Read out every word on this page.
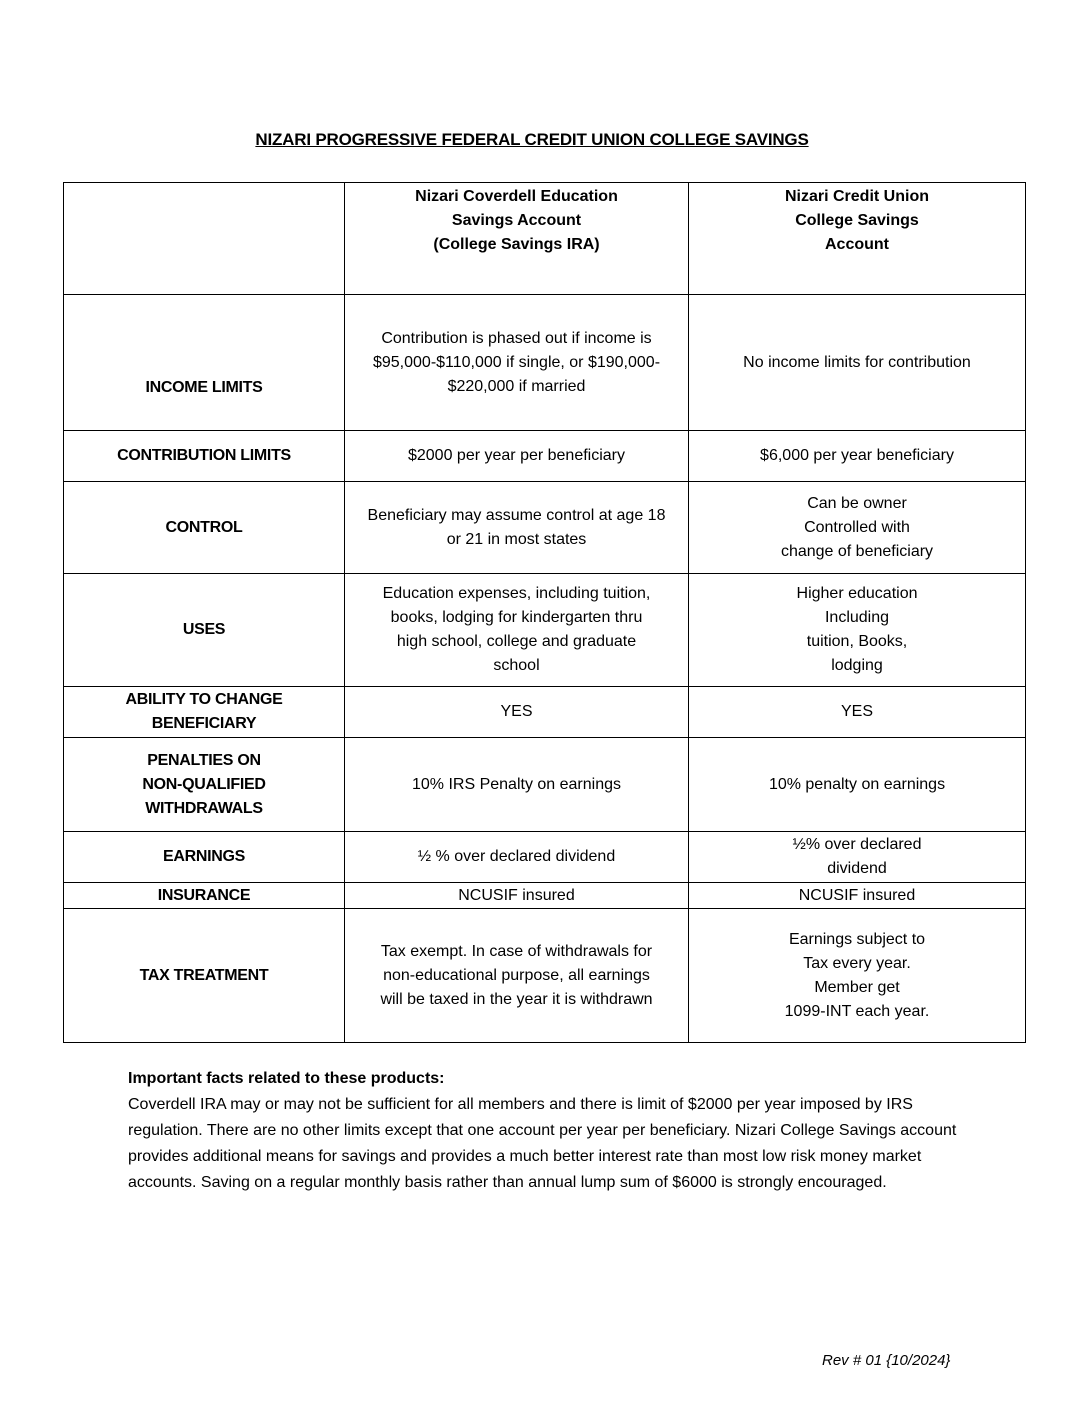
NIZARI PROGRESSIVE FEDERAL CREDIT UNION COLLEGE SAVINGS
	Nizari Coverdell Education
Savings Account
(College Savings IRA)	Nizari Credit Union
College Savings
Account
INCOME LIMITS	Contribution is phased out if income is
$95,000-$110,000 if single, or $190,000-
$220,000 if married	No income limits for contribution
CONTRIBUTION LIMITS	$2000 per year per beneficiary	$6,000 per year beneficiary
CONTROL	Beneficiary may assume control at age 18
or 21 in most states	Can be owner
Controlled with
change of beneficiary
USES	Education expenses, including tuition,
books, lodging for kindergarten thru
high school, college and graduate
school	Higher education
Including
tuition, Books,
lodging
ABILITY TO CHANGE
BENEFICIARY	YES	YES
PENALTIES ON
NON-QUALIFIED
WITHDRAWALS	10% IRS Penalty on earnings	10% penalty on earnings
EARNINGS	½ % over declared dividend	½% over declared
dividend
INSURANCE	NCUSIF insured	NCUSIF insured
TAX TREATMENT	Tax exempt. In case of withdrawals for
non-educational purpose, all earnings
will be taxed in the year it is withdrawn	Earnings subject to
Tax every year.
Member get
1099-INT each year.
Important facts related to these products:
Coverdell IRA may or may not be sufficient for all members and there is limit of $2000 per year imposed by IRS regulation. There are no other limits except that one account per year per beneficiary. Nizari College Savings account provides additional means for savings and provides a much better interest rate than most low risk money market accounts. Saving on a regular monthly basis rather than annual lump sum of $6000 is strongly encouraged.
Rev # 01 {10/2024}
